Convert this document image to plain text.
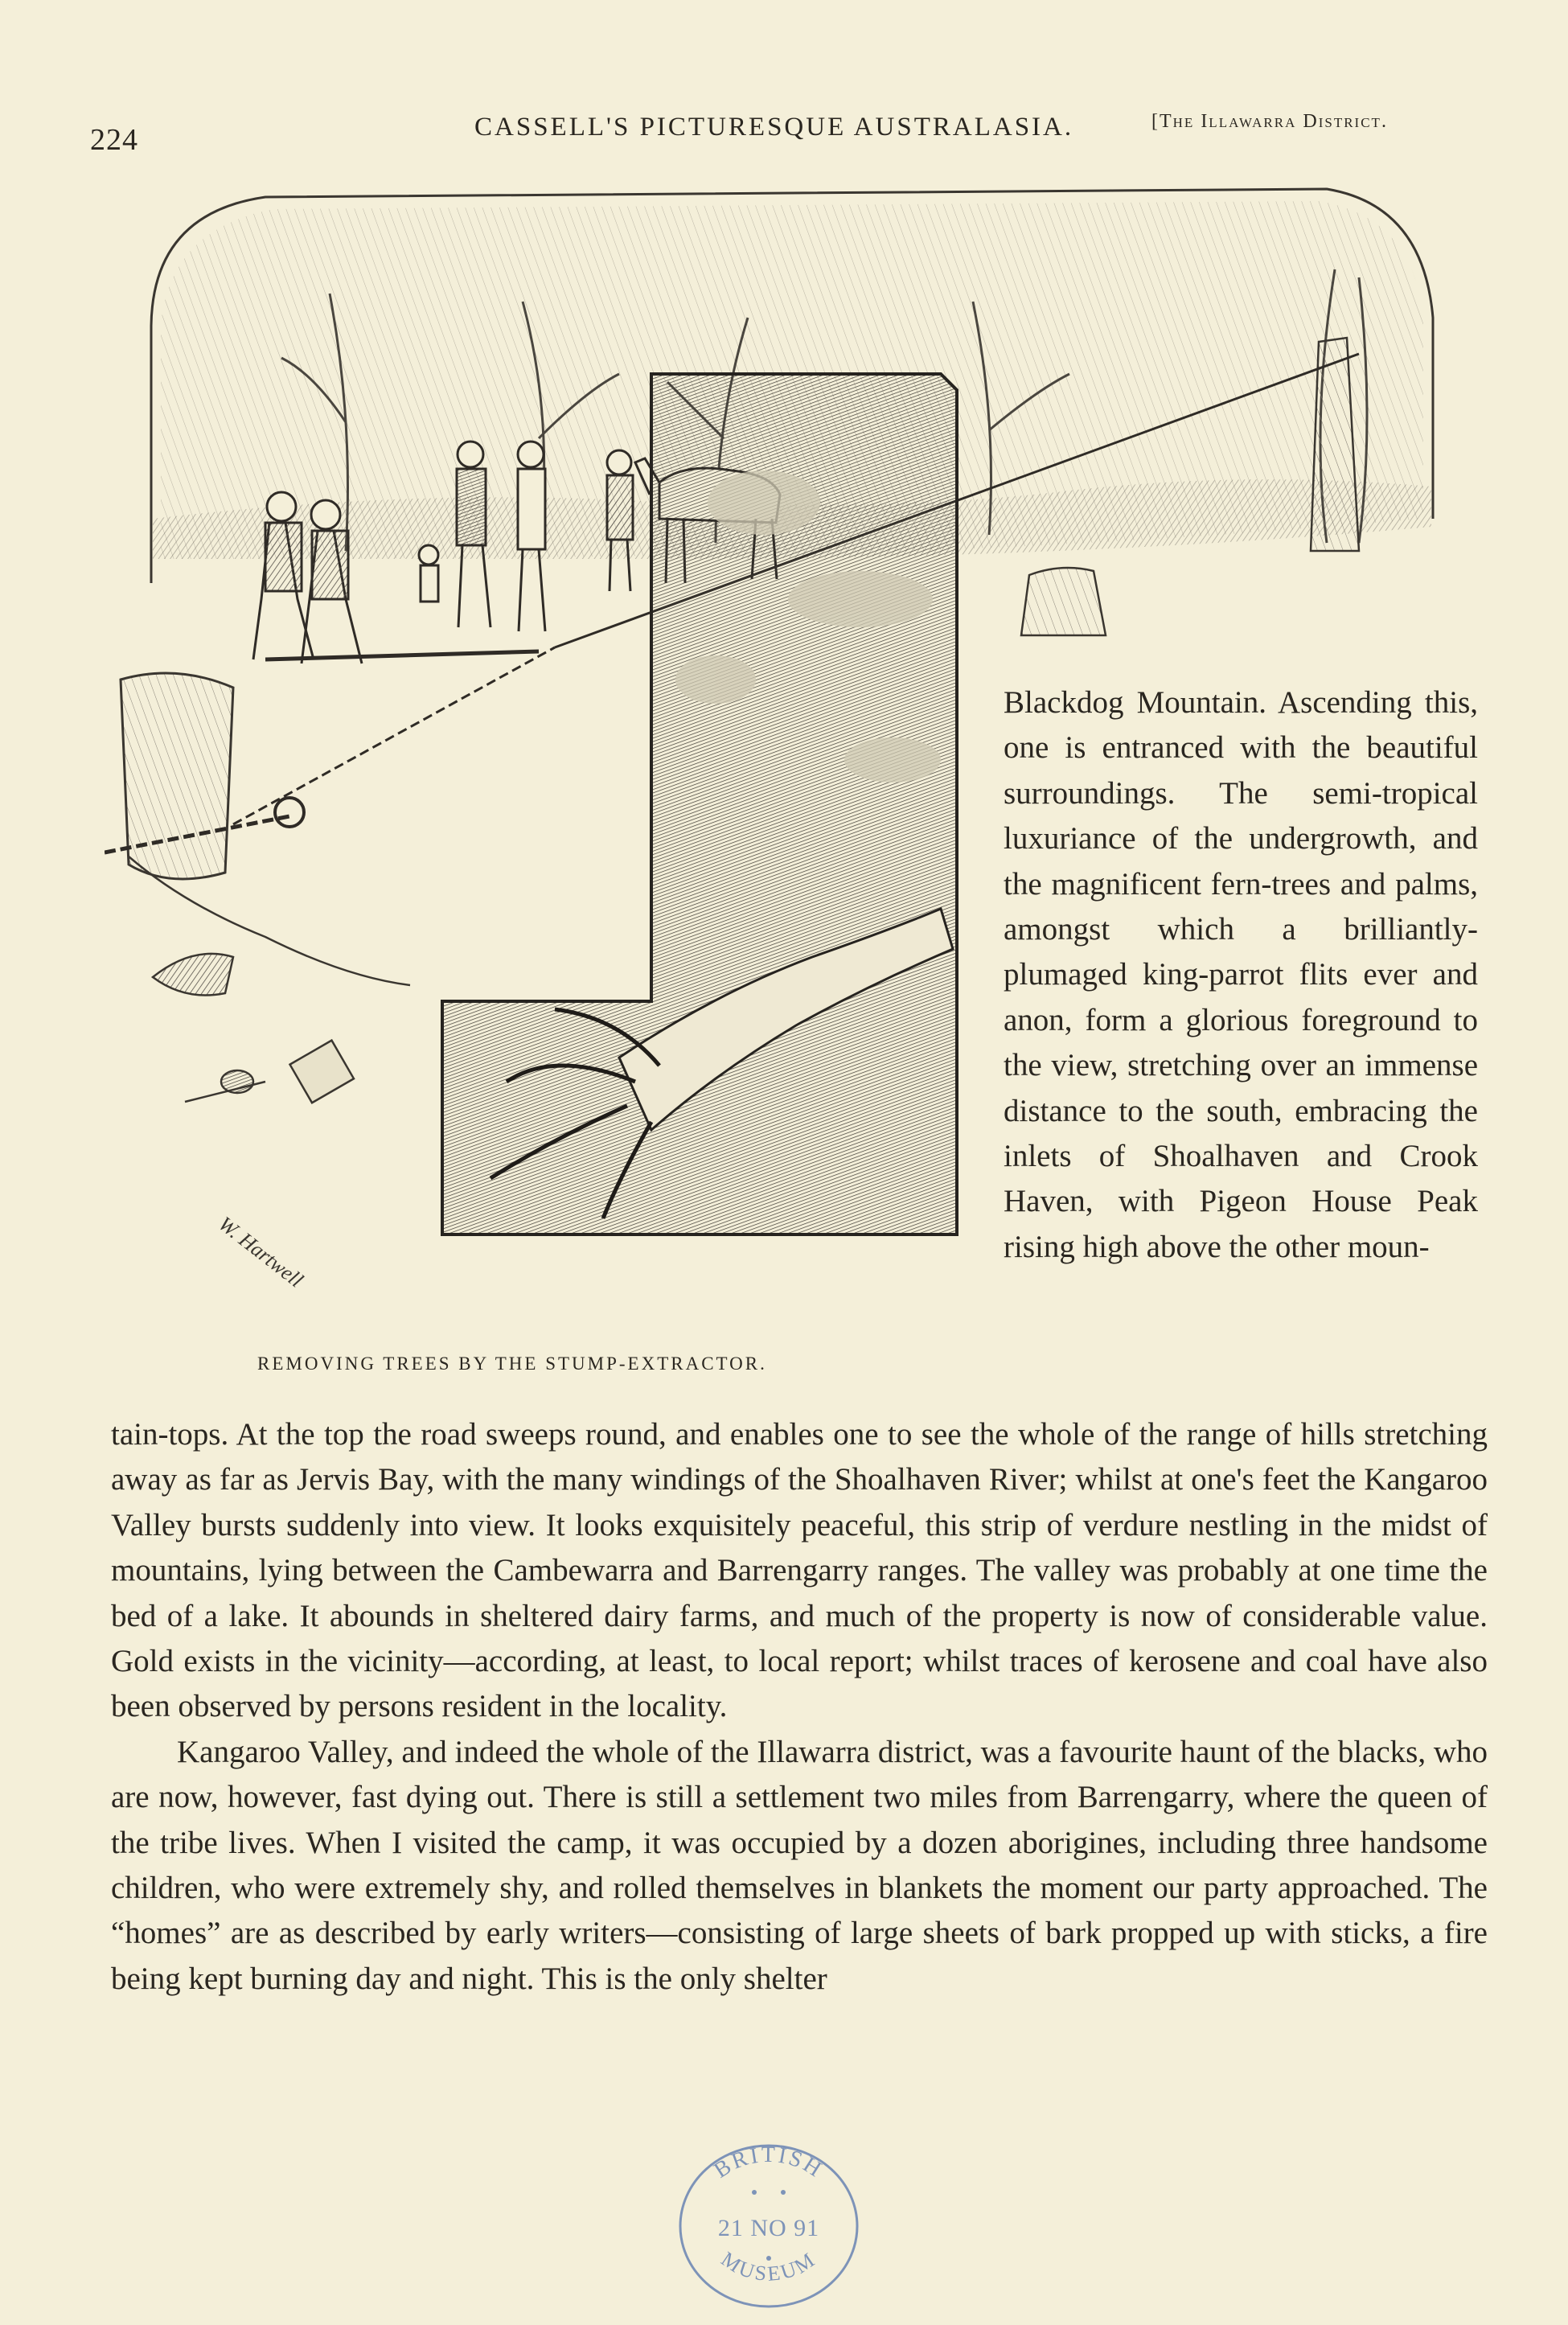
224	CASSELL'S PICTURESQUE AUSTRALASIA.	[The Illawarra District.
W. Hartwell
REMOVING TREES BY THE STUMP-EXTRACTOR.

Blackdog Mountain. Ascending this, one is entranced with the beautiful surroundings. The semi-tropical luxuriance of the undergrowth, and the magnificent fern-trees and palms, amongst which a brilliantly-plumaged king-parrot flits ever and anon, form a glorious foreground to the view, stretching over an immense distance to the south, embracing the inlets of Shoalhaven and Crook Haven, with Pigeon House Peak rising high above the other moun-

tain-tops. At the top the road sweeps round, and enables one to see the whole of the range of hills stretching away as far as Jervis Bay, with the many windings of the Shoalhaven River; whilst at one's feet the Kangaroo Valley bursts suddenly into view. It looks exquisitely peaceful, this strip of verdure nestling in the midst of mountains, lying between the Cambewarra and Barrengarry ranges. The valley was probably at one time the bed of a lake. It abounds in sheltered dairy farms, and much of the property is now of considerable value. Gold exists in the vicinity—according, at least, to local report; whilst traces of kerosene and coal have also been observed by persons resident in the locality.

Kangaroo Valley, and indeed the whole of the Illawarra district, was a favourite haunt of the blacks, who are now, however, fast dying out. There is still a settlement two miles from Barrengarry, where the queen of the tribe lives. When I visited the camp, it was occupied by a dozen aborigines, including three handsome children, who were extremely shy, and rolled themselves in blankets the moment our party approached. The “homes” are as described by early writers—consisting of large sheets of bark propped up with sticks, a fire being kept burning day and night. This is the only shelter

BRITISH
21 NO 91
MUSEUM
